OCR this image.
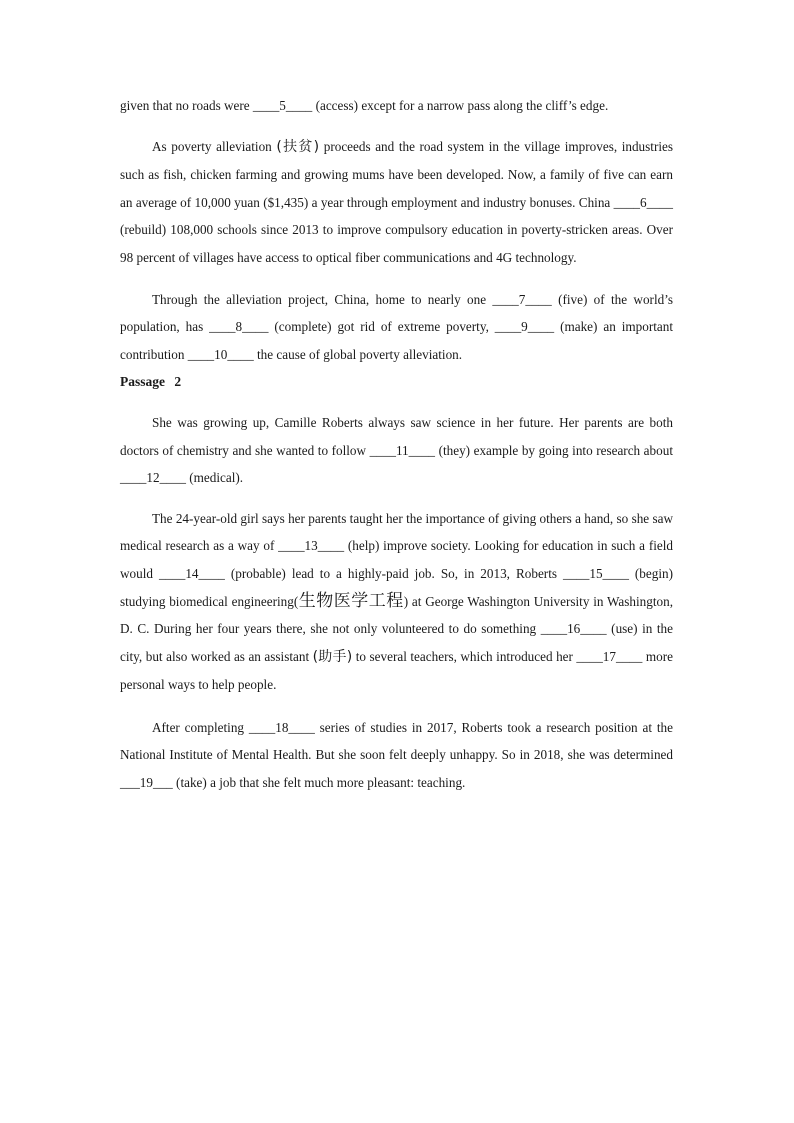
given that no roads were ____5____ (access) except for a narrow pass along the cliff’s edge.

As poverty alleviation (扶贫) proceeds and the road system in the village improves, industries such as fish, chicken farming and growing mums have been developed. Now, a family of five can earn an average of 10,000 yuan ($1,435) a year through employment and industry bonuses. China ____6____ (rebuild) 108,000 schools since 2013 to improve compulsory education in poverty-stricken areas. Over 98 percent of villages have access to optical fiber communications and 4G technology.

Through the alleviation project, China, home to nearly one ____7____ (five) of the world’s population, has ____8____ (complete) got rid of extreme poverty, ____9____ (make) an important contribution ____10____ the cause of global poverty alleviation.

Passage 2

She was growing up, Camille Roberts always saw science in her future. Her parents are both doctors of chemistry and she wanted to follow ____11____ (they) example by going into research about ____12____ (medical).

The 24-year-old girl says her parents taught her the importance of giving others a hand, so she saw medical research as a way of ____13____ (help) improve society. Looking for education in such a field would ____14____ (probable) lead to a highly-paid job. So, in 2013, Roberts ____15____ (begin) studying biomedical engineering(生物医学工程) at George Washington University in Washington, D. C. During her four years there, she not only volunteered to do something ____16____ (use) in the city, but also worked as an assistant (助手) to several teachers, which introduced her ____17____ more personal ways to help people.

After completing ____18____ series of studies in 2017, Roberts took a research position at the National Institute of Mental Health. But she soon felt deeply unhappy. So in 2018, she was determined ___19___ (take) a job that she felt much more pleasant: teaching.
